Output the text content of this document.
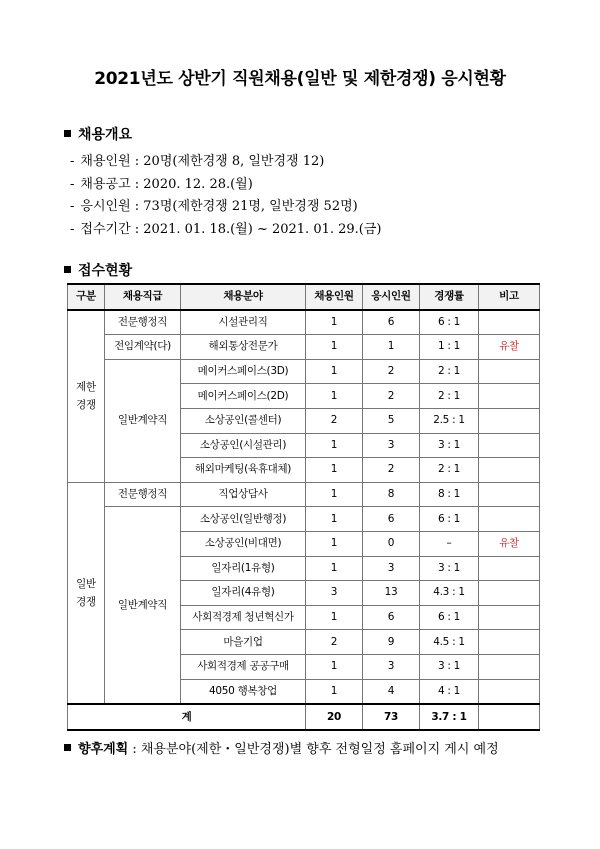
2021년도 상반기 직원채용(일반 및 제한경쟁) 응시현황
채용개요
- 채용인원 : 20명(제한경쟁 8, 일반경쟁 12)
- 채용공고 : 2020. 12. 28.(월)
- 응시인원 : 73명(제한경쟁 21명, 일반경쟁 52명)
- 접수기간 : 2021. 01. 18.(월) ~ 2021. 01. 29.(금)
접수현황
구분	채용직급	채용분야	채용인원	응시인원	경쟁률	비고

제한
경쟁	전문행정직	시설관리직	1	6	6 : 1	
	전임계약(다)	해외통상전문가	1	1	1 : 1	유찰
	일반계약직	메이커스페이스(3D)	1	2	2 : 1	
		메이커스페이스(2D)	1	2	2 : 1	
		소상공인(콜센터)	2	5	2.5 : 1	
		소상공인(시설관리)	1	3	3 : 1	
		해외마케팅(육휴대체)	1	2	2 : 1	

일반
경쟁	전문행정직	직업상담사	1	8	8 : 1	
	일반계약직	소상공인(일반행정)	1	6	6 : 1	
		소상공인(비대면)	1	0	–	유찰
		일자리(1유형)	1	3	3 : 1	
		일자리(4유형)	3	13	4.3 : 1	
		사회적경제 청년혁신가	1	6	6 : 1	
		마을기업	2	9	4.5 : 1	
		사회적경제 공공구매	1	3	3 : 1	
		4050 행복창업	1	4	4 : 1	
계			20	73	3.7 : 1	
향후계획 : 채용분야(제한・일반경쟁)별 향후 전형일정 홈페이지 게시 예정
